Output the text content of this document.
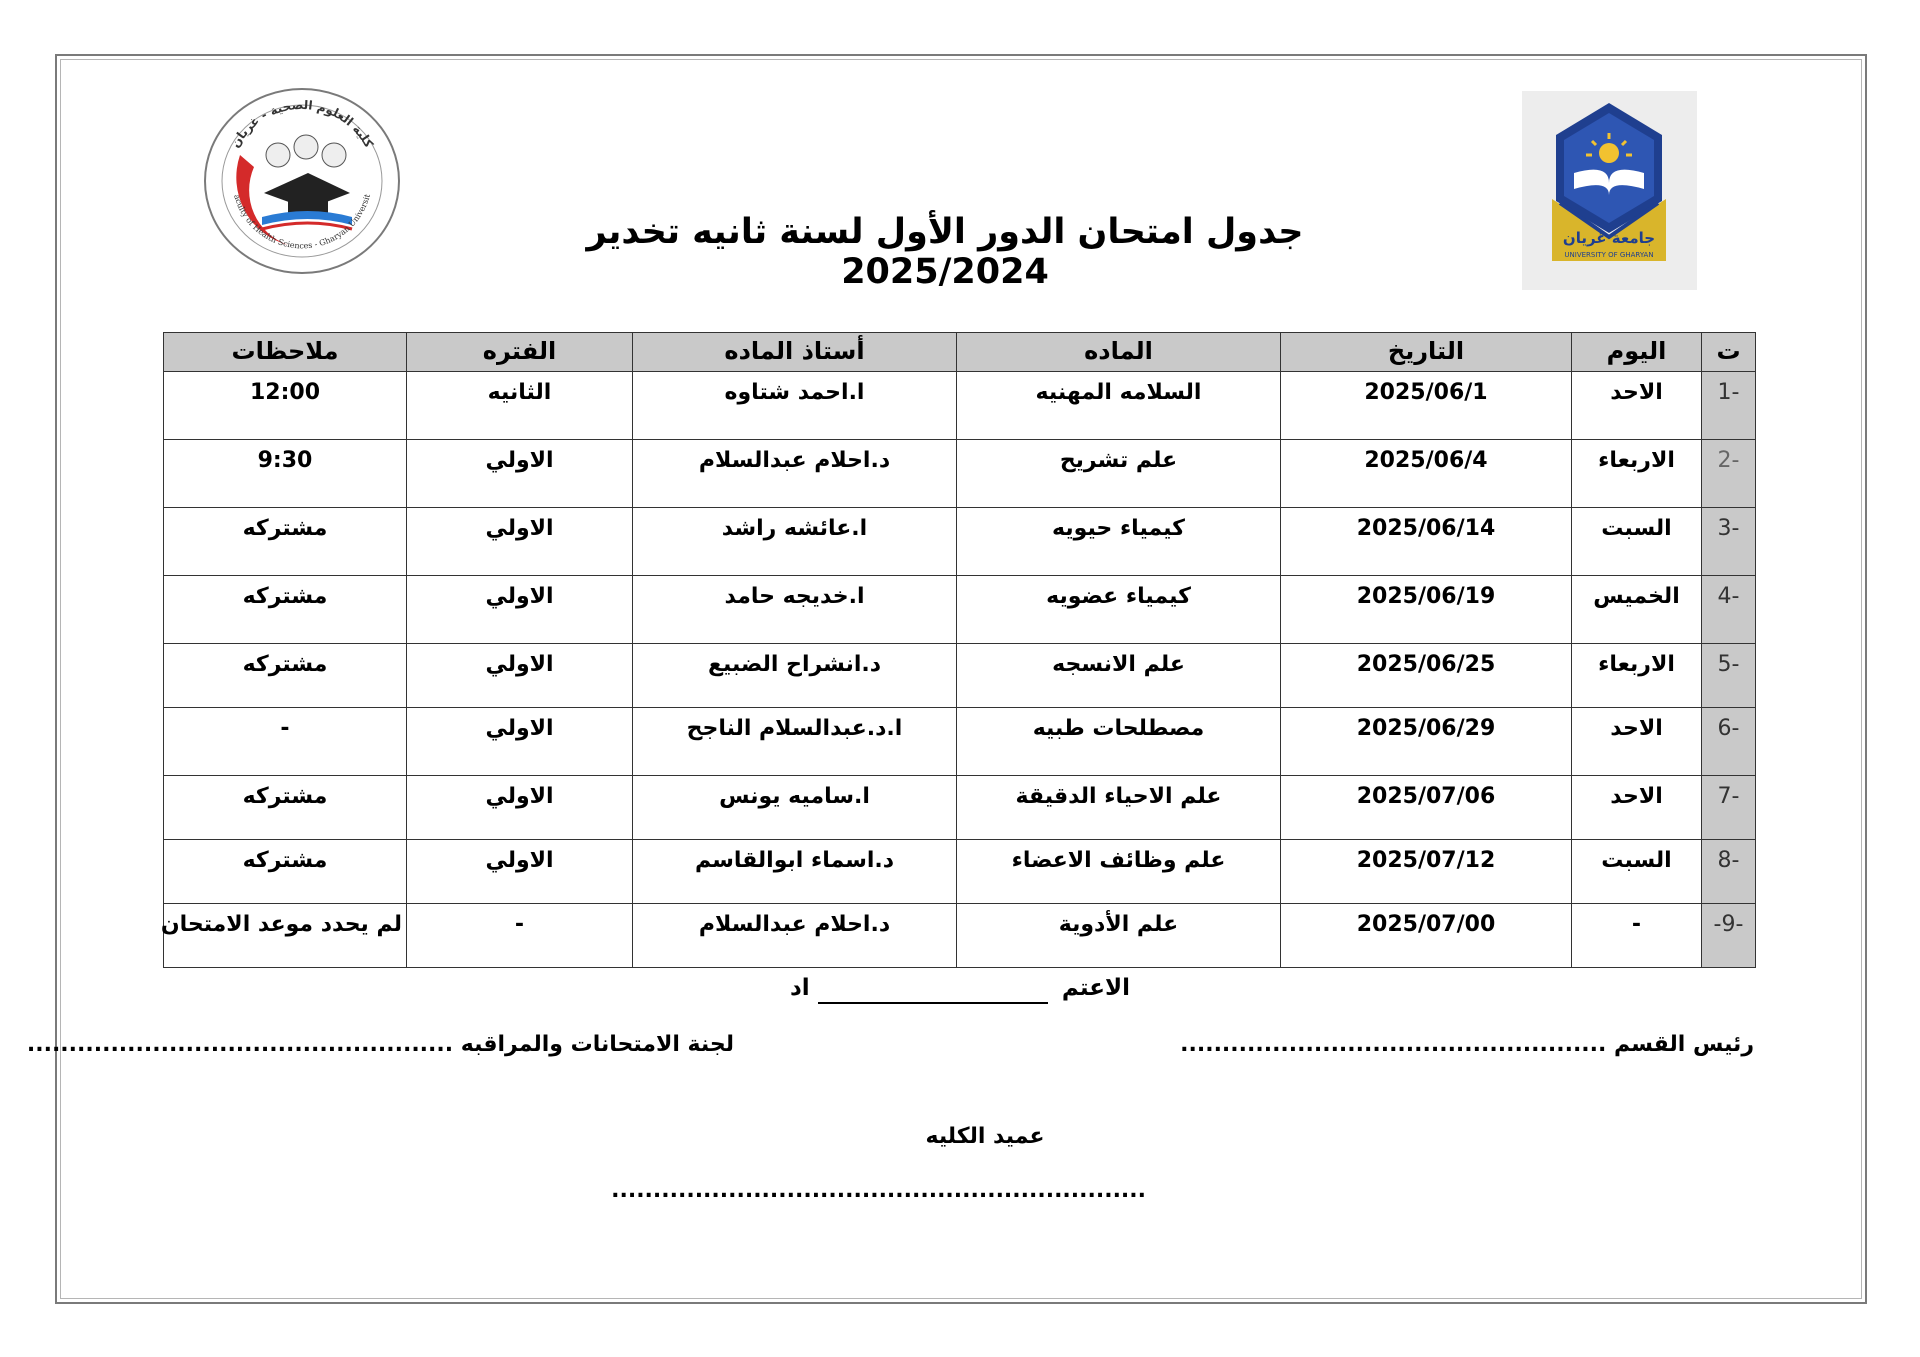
جامعة غريان
UNIVERSITY OF GHARYAN
كلية العلوم الصحية - غريان
aculty of Health Sciences - Gharyan Universit
جدول امتحان الدور الأول لسنة ثانيه تخدير 2025/2024
ت	اليوم	التاريخ	الماده	أستاذ الماده	الفتره	ملاحظات
-1	الاحد	2025/06/1	السلامه المهنيه	ا.احمد شتاوه	الثانيه	12:00
-2	الاربعاء	2025/06/4	علم تشريح	د.احلام عبدالسلام	الاولي	9:30
-3	السبت	2025/06/14	كيمياء حيويه	ا.عائشه راشد	الاولي	مشتركه
-4	الخميس	2025/06/19	كيمياء عضويه	ا.خديجه حامد	الاولي	مشتركه
-5	الاربعاء	2025/06/25	علم الانسجه	د.انشراح الضبيع	الاولي	مشتركه
-6	الاحد	2025/06/29	مصطلحات طبيه	ا.د.عبدالسلام الناجح	الاولي	-
-7	الاحد	2025/07/06	علم الاحياء الدقيقة	ا.ساميه يونس	الاولي	مشتركه
-8	السبت	2025/07/12	علم وظائف الاعضاء	د.اسماء ابوالقاسم	الاولي	مشتركه
-9-	-	2025/07/00	علم الأدوية	د.احلام عبدالسلام	-	لم يحدد موعد الامتحان
الاعتم
اد
رئيس القسم ...................................................
لجنة الامتحانات والمراقبه ...................................................
عميد الكليه
................................................................
